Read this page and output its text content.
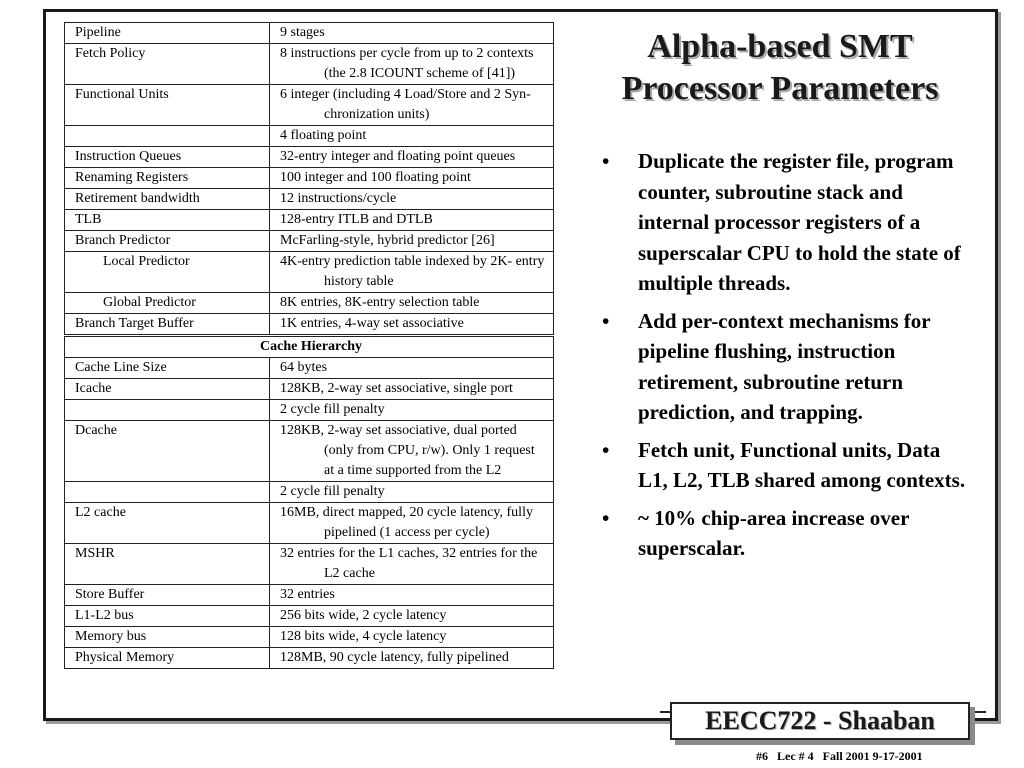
Pipeline	9 stages
Fetch Policy	8 instructions per cycle from up to 2 contexts (the 2.8 ICOUNT scheme of [41])

Functional Units	6 integer (including 4 Load/Store and 2 Syn- chronization units)

	4 floating point
Instruction Queues	32-entry integer and floating point queues
Renaming Registers	100 integer and 100 floating point
Retirement bandwidth	12 instructions/cycle
TLB	128-entry ITLB and DTLB
Branch Predictor	McFarling-style, hybrid predictor [26]
Local Predictor	4K-entry prediction table indexed by 2K- entry history table

Global Predictor	8K entries, 8K-entry selection table
Branch Target Buffer	1K entries, 4-way set associative
Cache Hierarchy	
Cache Line Size	64 bytes
Icache	128KB, 2-way set associative, single port
	2 cycle fill penalty
Dcache	128KB, 2-way set associative, dual ported (only from CPU, r/w). Only 1 request at a time supported from the L2

	2 cycle fill penalty
L2 cache	16MB, direct mapped, 20 cycle latency, fully pipelined (1 access per cycle)

MSHR	32 entries for the L1 caches, 32 entries for the L2 cache

Store Buffer	32 entries
L1-L2 bus	256 bits wide, 2 cycle latency
Memory bus	128 bits wide, 4 cycle latency
Physical Memory	128MB, 90 cycle latency, fully pipelined
Alpha-based SMT
Processor Parameters
• Duplicate the register file, program counter, subroutine stack and internal processor registers of a superscalar CPU to hold the state of multiple threads.
• Add per-context mechanisms for pipeline flushing, instruction retirement, subroutine return prediction, and trapping.
• Fetch unit, Functional units, Data L1, L2, TLB shared among contexts.
• ~ 10% chip-area increase over superscalar.
EECC722 - Shaaban
#6   Lec # 4   Fall 2001 9-17-2001
